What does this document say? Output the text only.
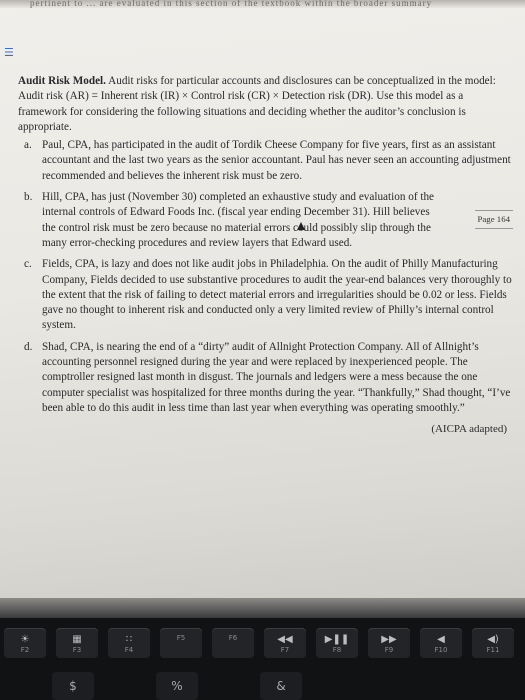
pertinent to ... are evaluated in this section of the textbook within the broader summary
☰

Audit Risk Model. Audit risks for particular accounts and disclosures can be conceptualized in the model: Audit risk (AR) = Inherent risk (IR) × Control risk (CR) × Detection risk (DR). Use this model as a framework for considering the following situations and deciding whether the auditor’s conclusion is appropriate.

a. Paul, CPA, has participated in the audit of Tordik Cheese Company for five years, first as an assistant accountant and the last two years as the senior accountant. Paul has never seen an accounting adjustment recommended and believes the inherent risk must be zero.
b. Hill, CPA, has just (November 30) completed an exhaustive study and evaluation of the internal controls of Edward Foods Inc. (fiscal year ending December 31). Hill believes the control risk must be zero because no material errors could possibly slip through the many error-checking procedures and review layers that Edward used.
Page 164
c. Fields, CPA, is lazy and does not like audit jobs in Philadelphia. On the audit of Philly Manufacturing Company, Fields decided to use substantive procedures to audit the year-end balances very thoroughly to the extent that the risk of failing to detect material errors and irregularities should be 0.02 or less. Fields gave no thought to inherent risk and conducted only a very limited review of Philly’s internal control system.
d. Shad, CPA, is nearing the end of a “dirty” audit of Allnight Protection Company. All of Allnight’s accounting personnel resigned during the year and were replaced by inexperienced people. The comptroller resigned last month in disgust. The journals and ledgers were a mess because the one computer specialist was hospitalized for three months during the year. “Thankfully,” Shad thought, “I’ve been able to do this audit in less time than last year when everything was operating smoothly.”
(AICPA adapted)
☀
F2
▦
F3
∷
F4
F5	F6	◀◀
F7
▶❚❚
F8
▶▶
F9
◀
F10
◀)
F11
$	%	&
